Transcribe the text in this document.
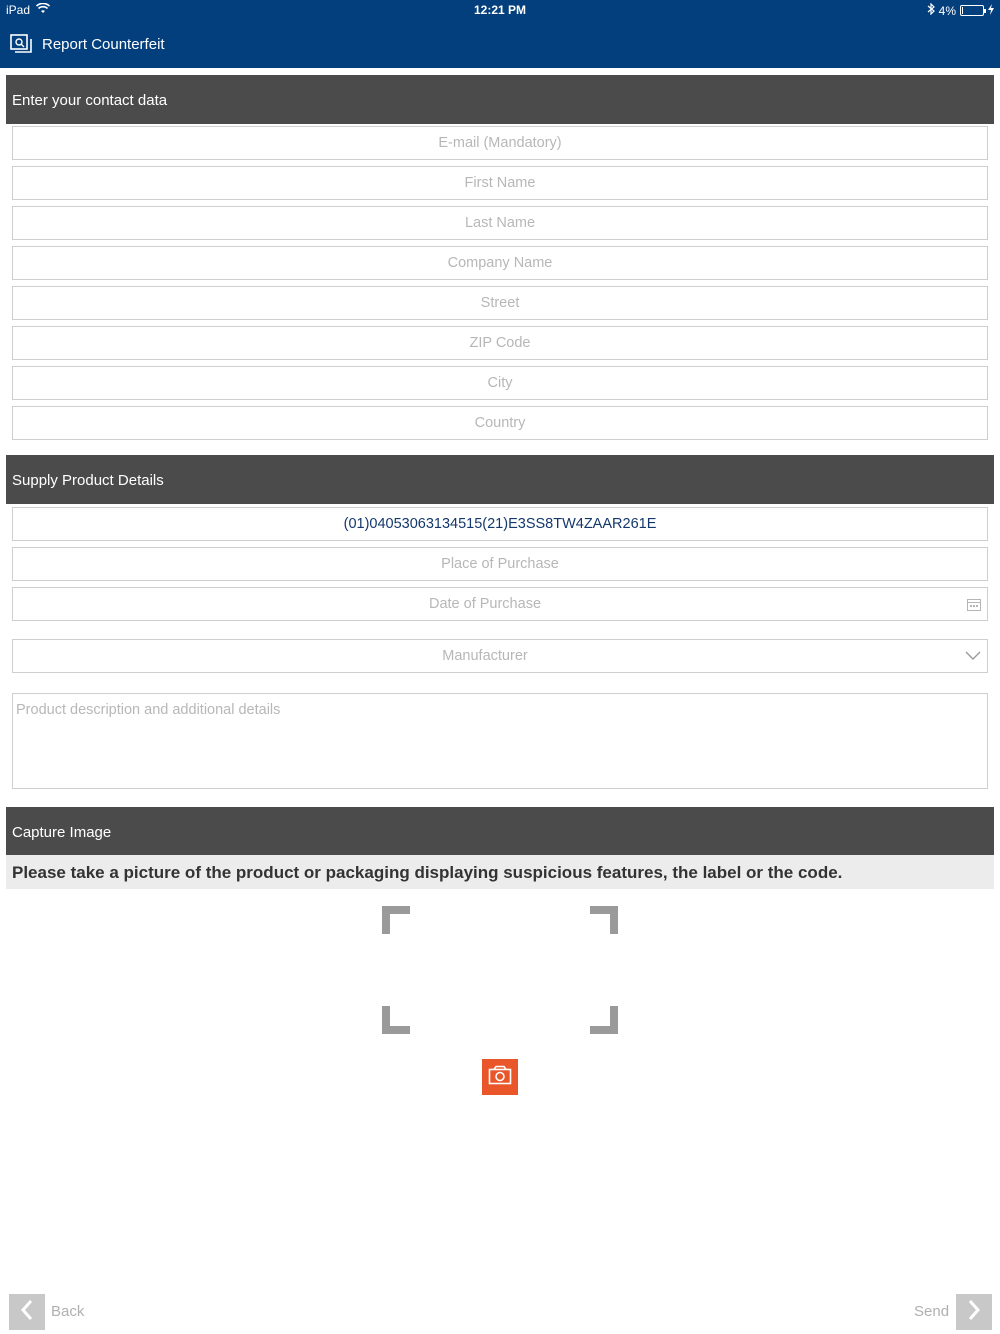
iPad	12:21 PM	4%
Report Counterfeit
Enter your contact data
E-mail (Mandatory)
First Name
Last Name
Company Name
Street
ZIP Code
City
Country
Supply Product Details
(01)04053063134515(21)E3SS8TW4ZAAR261E
Place of Purchase
Date of Purchase
Manufacturer
Product description and additional details
Capture Image
Please take a picture of the product or packaging displaying suspicious features, the label or the code.
Back	Send
